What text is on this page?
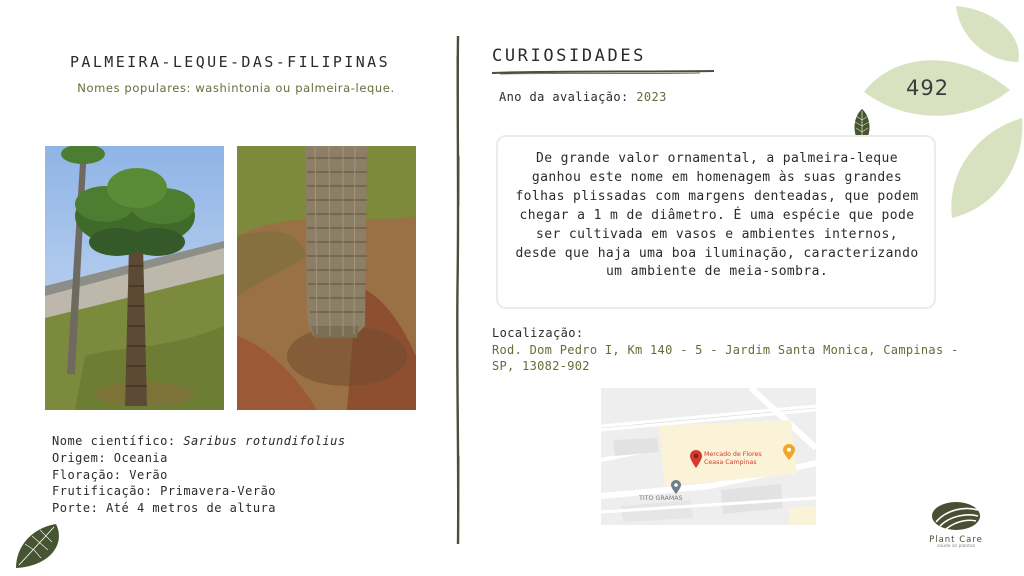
492
PALMEIRA-LEQUE-DAS-FILIPINAS
Nomes populares: washintonia ou palmeira-leque.
Nome científico: Saribus rotundifolius
Origem: Oceania
Floração: Verão
Frutificação: Primavera-Verão
Porte: Até 4 metros de altura
CURIOSIDADES
Ano da avaliação: 2023
De grande valor ornamental, a palmeira-leque ganhou este nome em homenagem às suas grandes folhas plissadas com margens denteadas, que podem chegar a 1 m de diâmetro. É uma espécie que pode ser cultivada em vasos e ambientes internos, desde que haja uma boa iluminação, caracterizando um ambiente de meia-sombra.
Localização:
Rod. Dom Pedro I, Km 140 - 5 - Jardim Santa Monica, Campinas - SP, 13082-902
Mercado de Flores
Ceasa Campinas
TITO GRAMAS
Plant Care
saúde às plantas
